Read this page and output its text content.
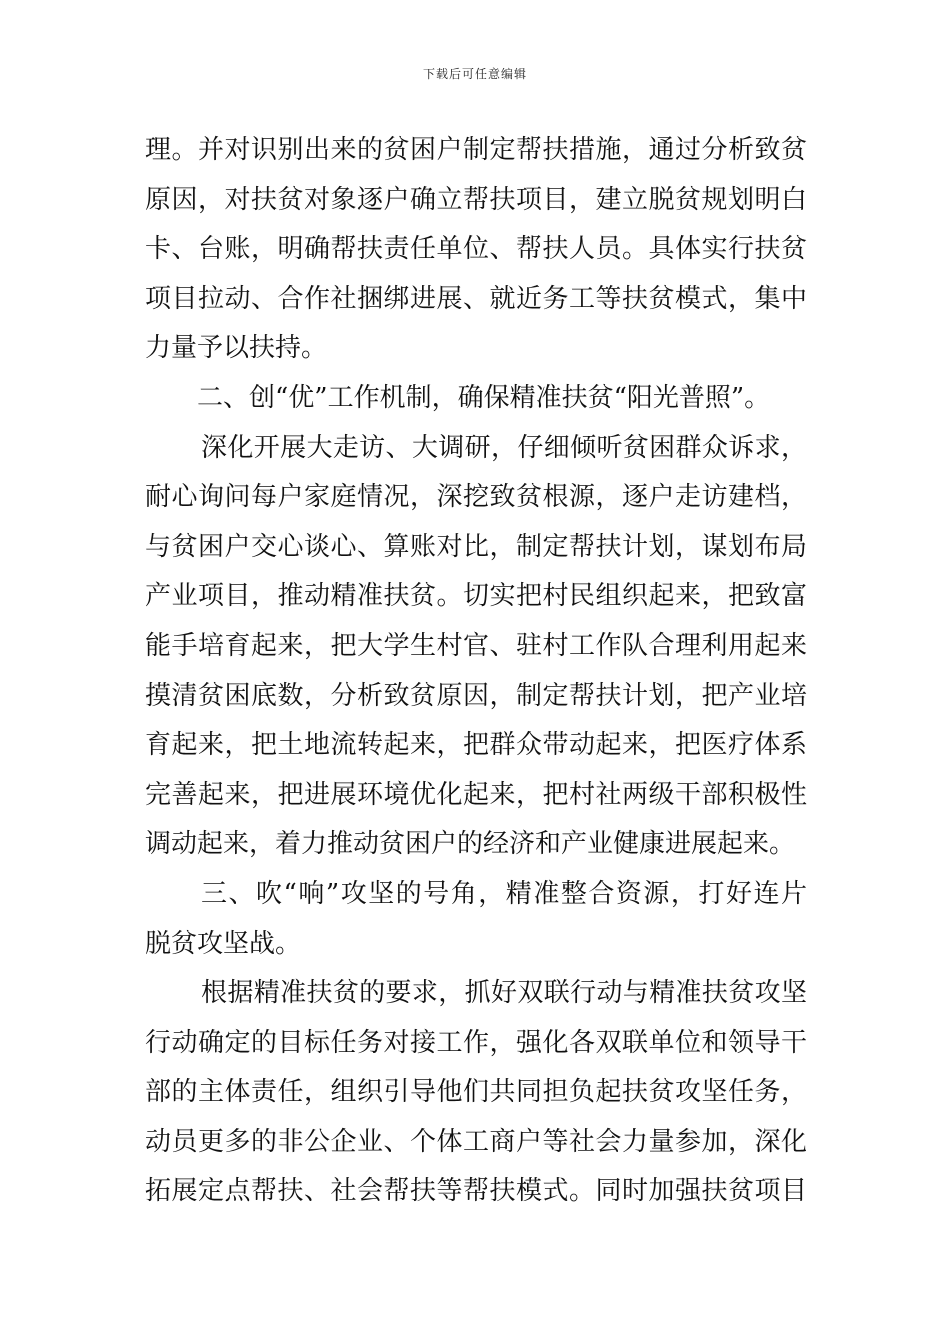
下载后可任意编辑
理。并对识别出来的贫困户制定帮扶措施，通过分析致贫
原因，对扶贫对象逐户确立帮扶项目，建立脱贫规划明白
卡、台账，明确帮扶责任单位、帮扶人员。具体实行扶贫
项目拉动、合作社捆绑进展、就近务工等扶贫模式，集中
力量予以扶持。
二、创“优”工作机制，确保精准扶贫“阳光普照”。
深化开展大走访、大调研，仔细倾听贫困群众诉求，
耐心询问每户家庭情况，深挖致贫根源，逐户走访建档，
与贫困户交心谈心、算账对比，制定帮扶计划，谋划布局
产业项目，推动精准扶贫。切实把村民组织起来，把致富
能手培育起来，把大学生村官、驻村工作队合理利用起来
摸清贫困底数，分析致贫原因，制定帮扶计划，把产业培
育起来，把土地流转起来，把群众带动起来，把医疗体系
完善起来，把进展环境优化起来，把村社两级干部积极性
调动起来，着力推动贫困户的经济和产业健康进展起来。
三、吹“响”攻坚的号角，精准整合资源，打好连片
脱贫攻坚战。
根据精准扶贫的要求，抓好双联行动与精准扶贫攻坚
行动确定的目标任务对接工作，强化各双联单位和领导干
部的主体责任，组织引导他们共同担负起扶贫攻坚任务，
动员更多的非公企业、个体工商户等社会力量参加，深化
拓展定点帮扶、社会帮扶等帮扶模式。同时加强扶贫项目
